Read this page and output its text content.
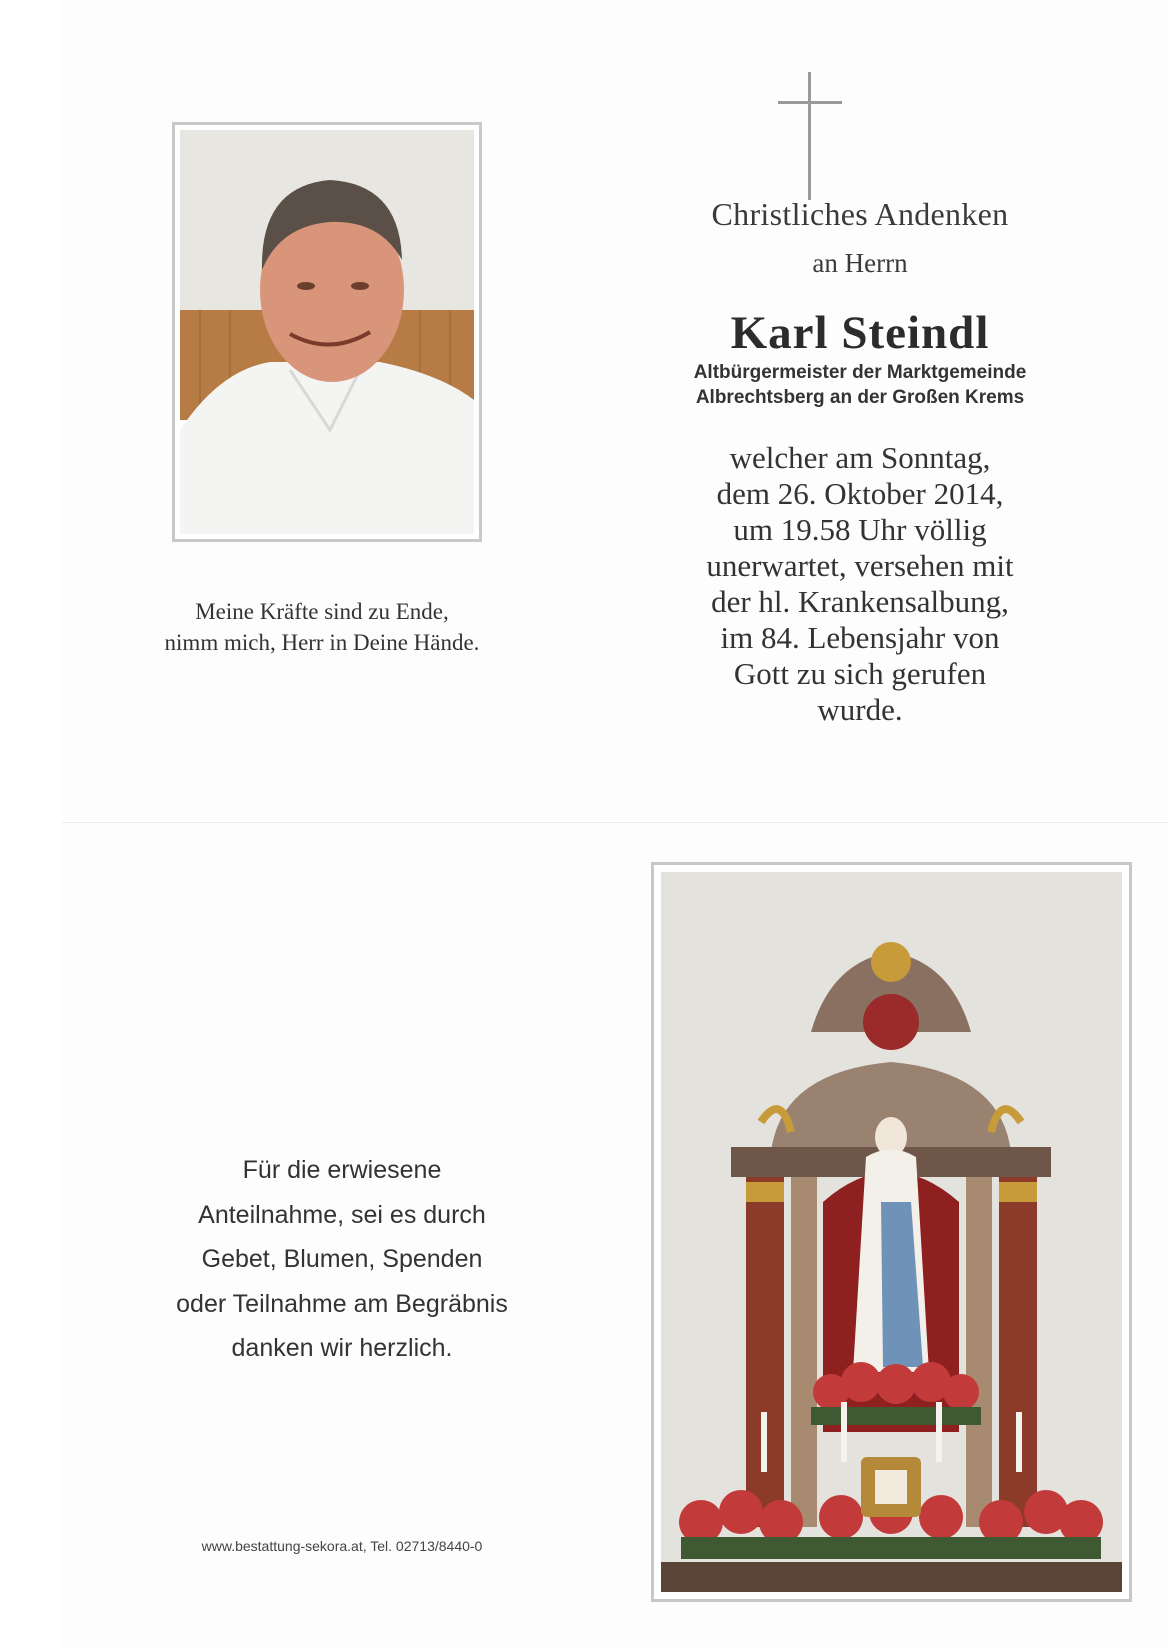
Meine Kräfte sind zu Ende,
nimm mich, Herr in Deine Hände.
Christliches Andenken
an Herrn
Karl Steindl
Altbürgermeister der Marktgemeinde
Albrechtsberg an der Großen Krems
welcher am Sonntag,
dem 26. Oktober 2014,
um 19.58 Uhr völlig
unerwartet, versehen mit
der hl. Krankensalbung,
im 84. Lebensjahr von
Gott zu sich gerufen
wurde.
Für die erwiesene
Anteilnahme, sei es durch
Gebet, Blumen, Spenden
oder Teilnahme am Begräbnis
danken wir herzlich.
www.bestattung-sekora.at, Tel. 02713/8440-0
